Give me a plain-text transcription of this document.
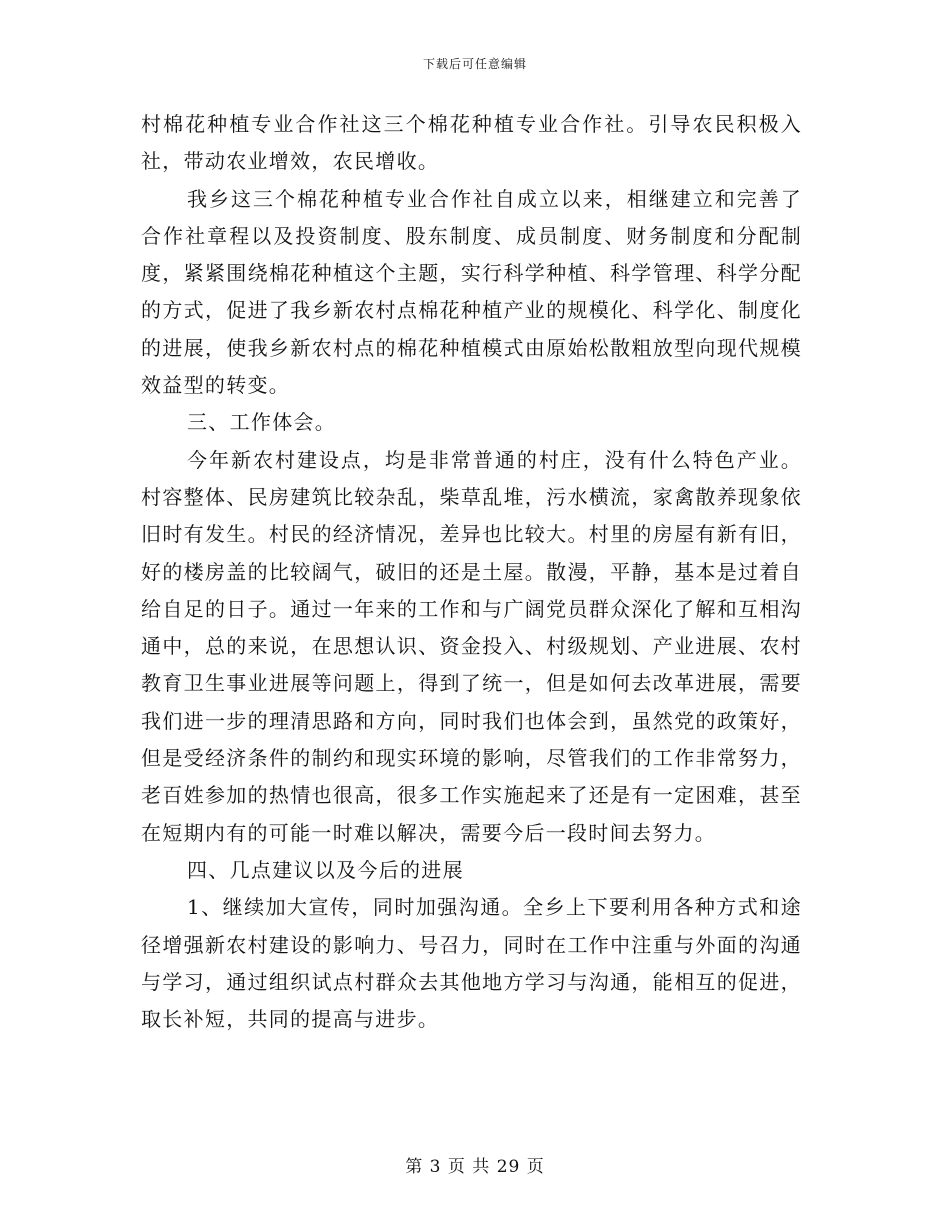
下载后可任意编辑

村棉花种植专业合作社这三个棉花种植专业合作社。引导农民积极入社，带动农业增效，农民增收。

我乡这三个棉花种植专业合作社自成立以来，相继建立和完善了合作社章程以及投资制度、股东制度、成员制度、财务制度和分配制度，紧紧围绕棉花种植这个主题，实行科学种植、科学管理、科学分配的方式，促进了我乡新农村点棉花种植产业的规模化、科学化、制度化的进展，使我乡新农村点的棉花种植模式由原始松散粗放型向现代规模效益型的转变。

三、工作体会。

今年新农村建设点，均是非常普通的村庄，没有什么特色产业。村容整体、民房建筑比较杂乱，柴草乱堆，污水横流，家禽散养现象依旧时有发生。村民的经济情况，差异也比较大。村里的房屋有新有旧，好的楼房盖的比较阔气，破旧的还是土屋。散漫，平静，基本是过着自给自足的日子。通过一年来的工作和与广阔党员群众深化了解和互相沟通中，总的来说，在思想认识、资金投入、村级规划、产业进展、农村教育卫生事业进展等问题上，得到了统一，但是如何去改革进展，需要我们进一步的理清思路和方向，同时我们也体会到，虽然党的政策好，但是受经济条件的制约和现实环境的影响，尽管我们的工作非常努力，老百姓参加的热情也很高，很多工作实施起来了还是有一定困难，甚至在短期内有的可能一时难以解决，需要今后一段时间去努力。

四、几点建议以及今后的进展

1、继续加大宣传，同时加强沟通。全乡上下要利用各种方式和途径增强新农村建设的影响力、号召力，同时在工作中注重与外面的沟通与学习，通过组织试点村群众去其他地方学习与沟通，能相互的促进，取长补短，共同的提高与进步。

第 3 页 共 29 页
